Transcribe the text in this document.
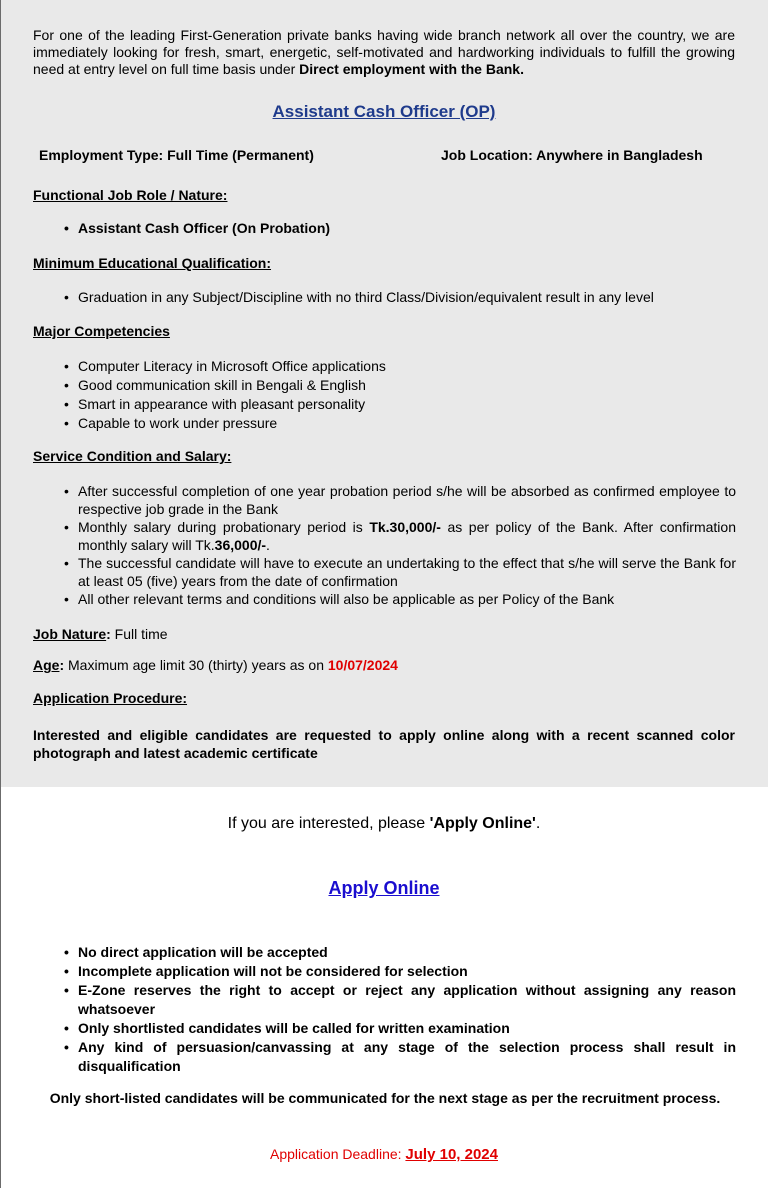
For one of the leading First-Generation private banks having wide branch network all over the country, we are immediately looking for fresh, smart, energetic, self-motivated and hardworking individuals to fulfill the growing need at entry level on full time basis under Direct employment with the Bank.

Assistant Cash Officer (OP)
Employment Type: Full Time (Permanent)	Job Location: Anywhere in Bangladesh
Functional Job Role / Nature:
• Assistant Cash Officer (On Probation)
Minimum Educational Qualification:
• Graduation in any Subject/Discipline with no third Class/Division/equivalent result in any level
Major Competencies
• Computer Literacy in Microsoft Office applications
• Good communication skill in Bengali & English
• Smart in appearance with pleasant personality
• Capable to work under pressure
Service Condition and Salary:
• After successful completion of one year probation period s/he will be absorbed as confirmed employee to respective job grade in the Bank
• Monthly salary during probationary period is Tk.30,000/- as per policy of the Bank. After confirmation monthly salary will Tk.36,000/-.
• The successful candidate will have to execute an undertaking to the effect that s/he will serve the Bank for at least 05 (five) years from the date of confirmation
• All other relevant terms and conditions will also be applicable as per Policy of the Bank
Job Nature: Full time
Age: Maximum age limit 30 (thirty) years as on 10/07/2024
Application Procedure:

Interested and eligible candidates are requested to apply online along with a recent scanned color photograph and latest academic certificate

If you are interested, please 'Apply Online'.
Apply Online
• No direct application will be accepted
• Incomplete application will not be considered for selection
• E-Zone reserves the right to accept or reject any application without assigning any reason whatsoever
• Only shortlisted candidates will be called for written examination
• Any kind of persuasion/canvassing at any stage of the selection process shall result in disqualification

Only short-listed candidates will be communicated for the next stage as per the recruitment process.

Application Deadline: July 10, 2024
